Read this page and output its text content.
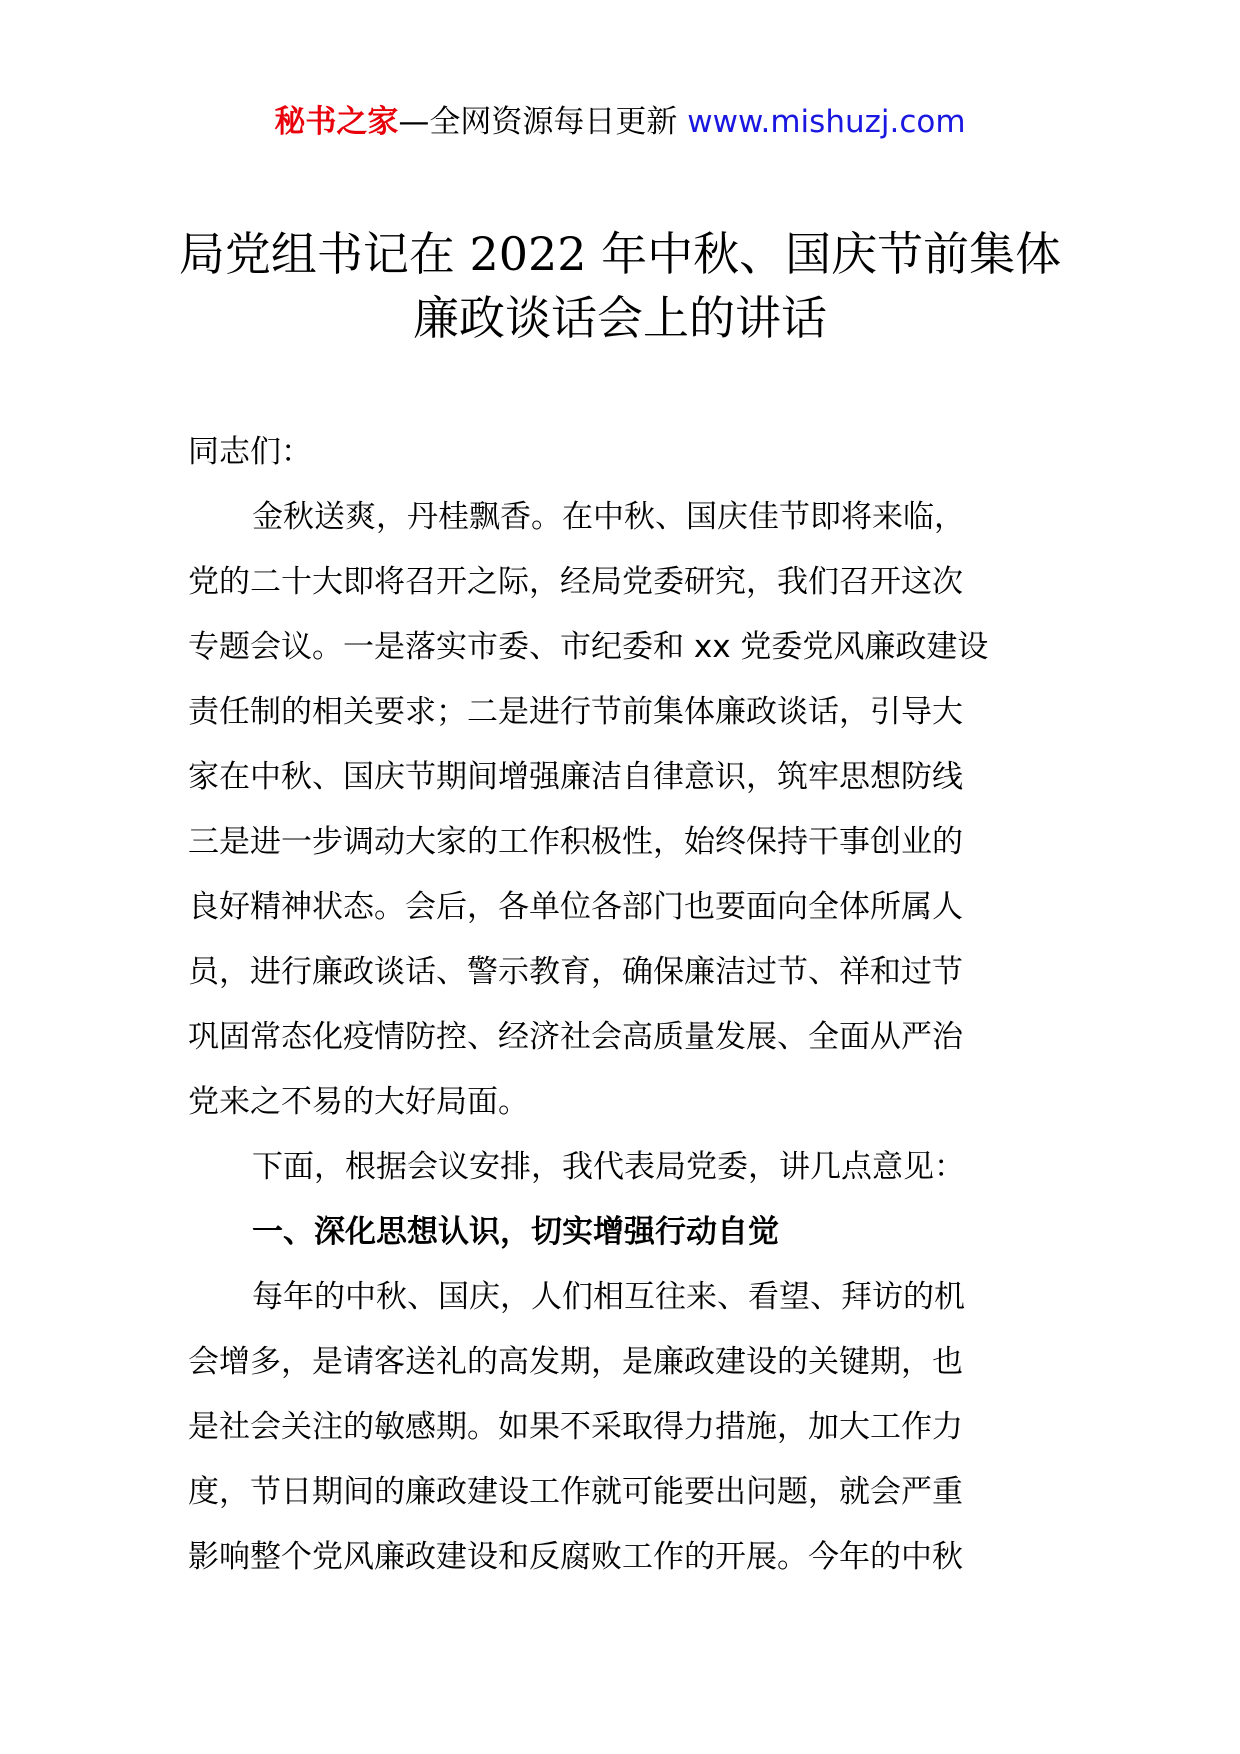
秘书之家—全网资源每日更新 www.mishuzj.com
局党组书记在 2022 年中秋、国庆节前集体
廉政谈话会上的讲话
同志们：
金秋送爽，丹桂飘香。在中秋、国庆佳节即将来临，
党的二十大即将召开之际，经局党委研究，我们召开这次
专题会议。一是落实市委、市纪委和 xx 党委党风廉政建设
责任制的相关要求；二是进行节前集体廉政谈话，引导大
家在中秋、国庆节期间增强廉洁自律意识，筑牢思想防线
三是进一步调动大家的工作积极性，始终保持干事创业的
良好精神状态。会后，各单位各部门也要面向全体所属人
员，进行廉政谈话、警示教育，确保廉洁过节、祥和过节
巩固常态化疫情防控、经济社会高质量发展、全面从严治
党来之不易的大好局面。
下面，根据会议安排，我代表局党委，讲几点意见：
一、深化思想认识，切实增强行动自觉
每年的中秋、国庆，人们相互往来、看望、拜访的机
会增多，是请客送礼的高发期，是廉政建设的关键期，也
是社会关注的敏感期。如果不采取得力措施，加大工作力
度，节日期间的廉政建设工作就可能要出问题，就会严重
影响整个党风廉政建设和反腐败工作的开展。今年的中秋
